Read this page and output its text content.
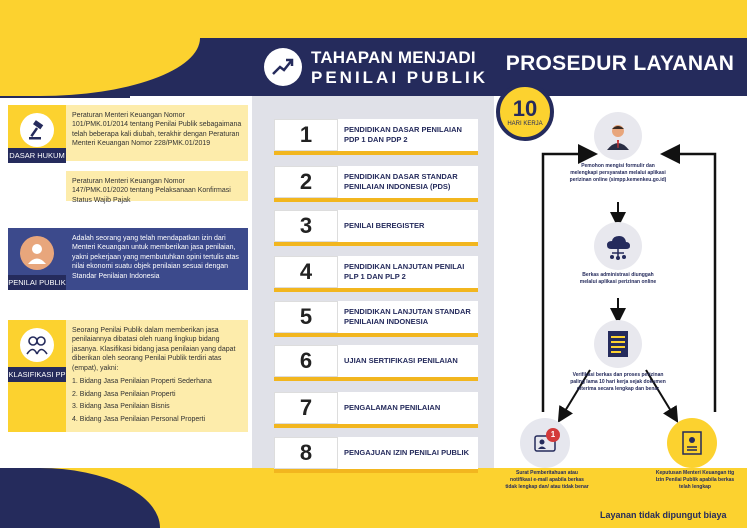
TAHAPAN MENJADI
PENILAI PUBLIK
PROSEDUR LAYANAN
DASAR HUKUM
Peraturan Menteri Keuangan Nomor 101/PMK.01/2014 tentang Penilai Publik sebagaimana telah beberapa kali diubah, terakhir dengan Peraturan Menteri Keuangan Nomor 228/PMK.01/2019
Peraturan Menteri Keuangan Nomor 147/PMK.01/2020 tentang Pelaksanaan Konfirmasi Status Wajib Pajak
PENILAI PUBLIK
Adalah seorang yang telah mendapatkan izin dari Menteri Keuangan untuk memberikan jasa penilaian, yakni pekerjaan yang membutuhkan opini tertulis atas nilai ekonomi suatu objek penilaian sesuai dengan Standar Penilaian Indonesia
KLASIFIKASI PP
Seorang Penilai Publik dalam memberikan jasa penilaiannya dibatasi oleh ruang lingkup bidang jasanya. Klasifikasi bidang jasa penilaian yang dapat diberikan oleh seorang Penilai Publik terdiri atas (empat), yakni:
1. Bidang Jasa Penilaian Properti Sederhana
2. Bidang Jasa Penilaian Properti
3. Bidang Jasa Penilaian Bisnis
4. Bidang Jasa Penilaian Personal Properti
1	PENDIDIKAN DASAR PENILAIAN PDP 1 DAN PDP 2
2	PENDIDIKAN DASAR STANDAR PENILAIAN INDONESIA (PDS)
3	PENILAI BEREGISTER
4	PENDIDIKAN LANJUTAN PENILAI PLP 1 DAN PLP 2
5	PENDIDIKAN LANJUTAN STANDAR PENILAIAN INDONESIA
6	UJIAN SERTIFIKASI PENILAIAN
7	PENGALAMAN PENILAIAN
8	PENGAJUAN IZIN PENILAI PUBLIK
10
HARI KERJA
Pemohon mengisi formulir dan melengkapi persyaratan melalui aplikasi perizinan online (simpp.kemenkeu.go.id)
Berkas administrasi diunggah melalui aplikasi perizinan online
Verifikasi berkas dan proses perizinan paling lama 10 hari kerja sejak dokumen diterima secara lengkap dan benar
1
Surat Pemberitahuan atau notifikasi e-mail apabila berkas tidak lengkap dan/ atau tidak benar
Keputusan Menteri Keuangan ttg Izin Penilai Publik apabila berkas telah lengkap
Layanan tidak dipungut biaya
